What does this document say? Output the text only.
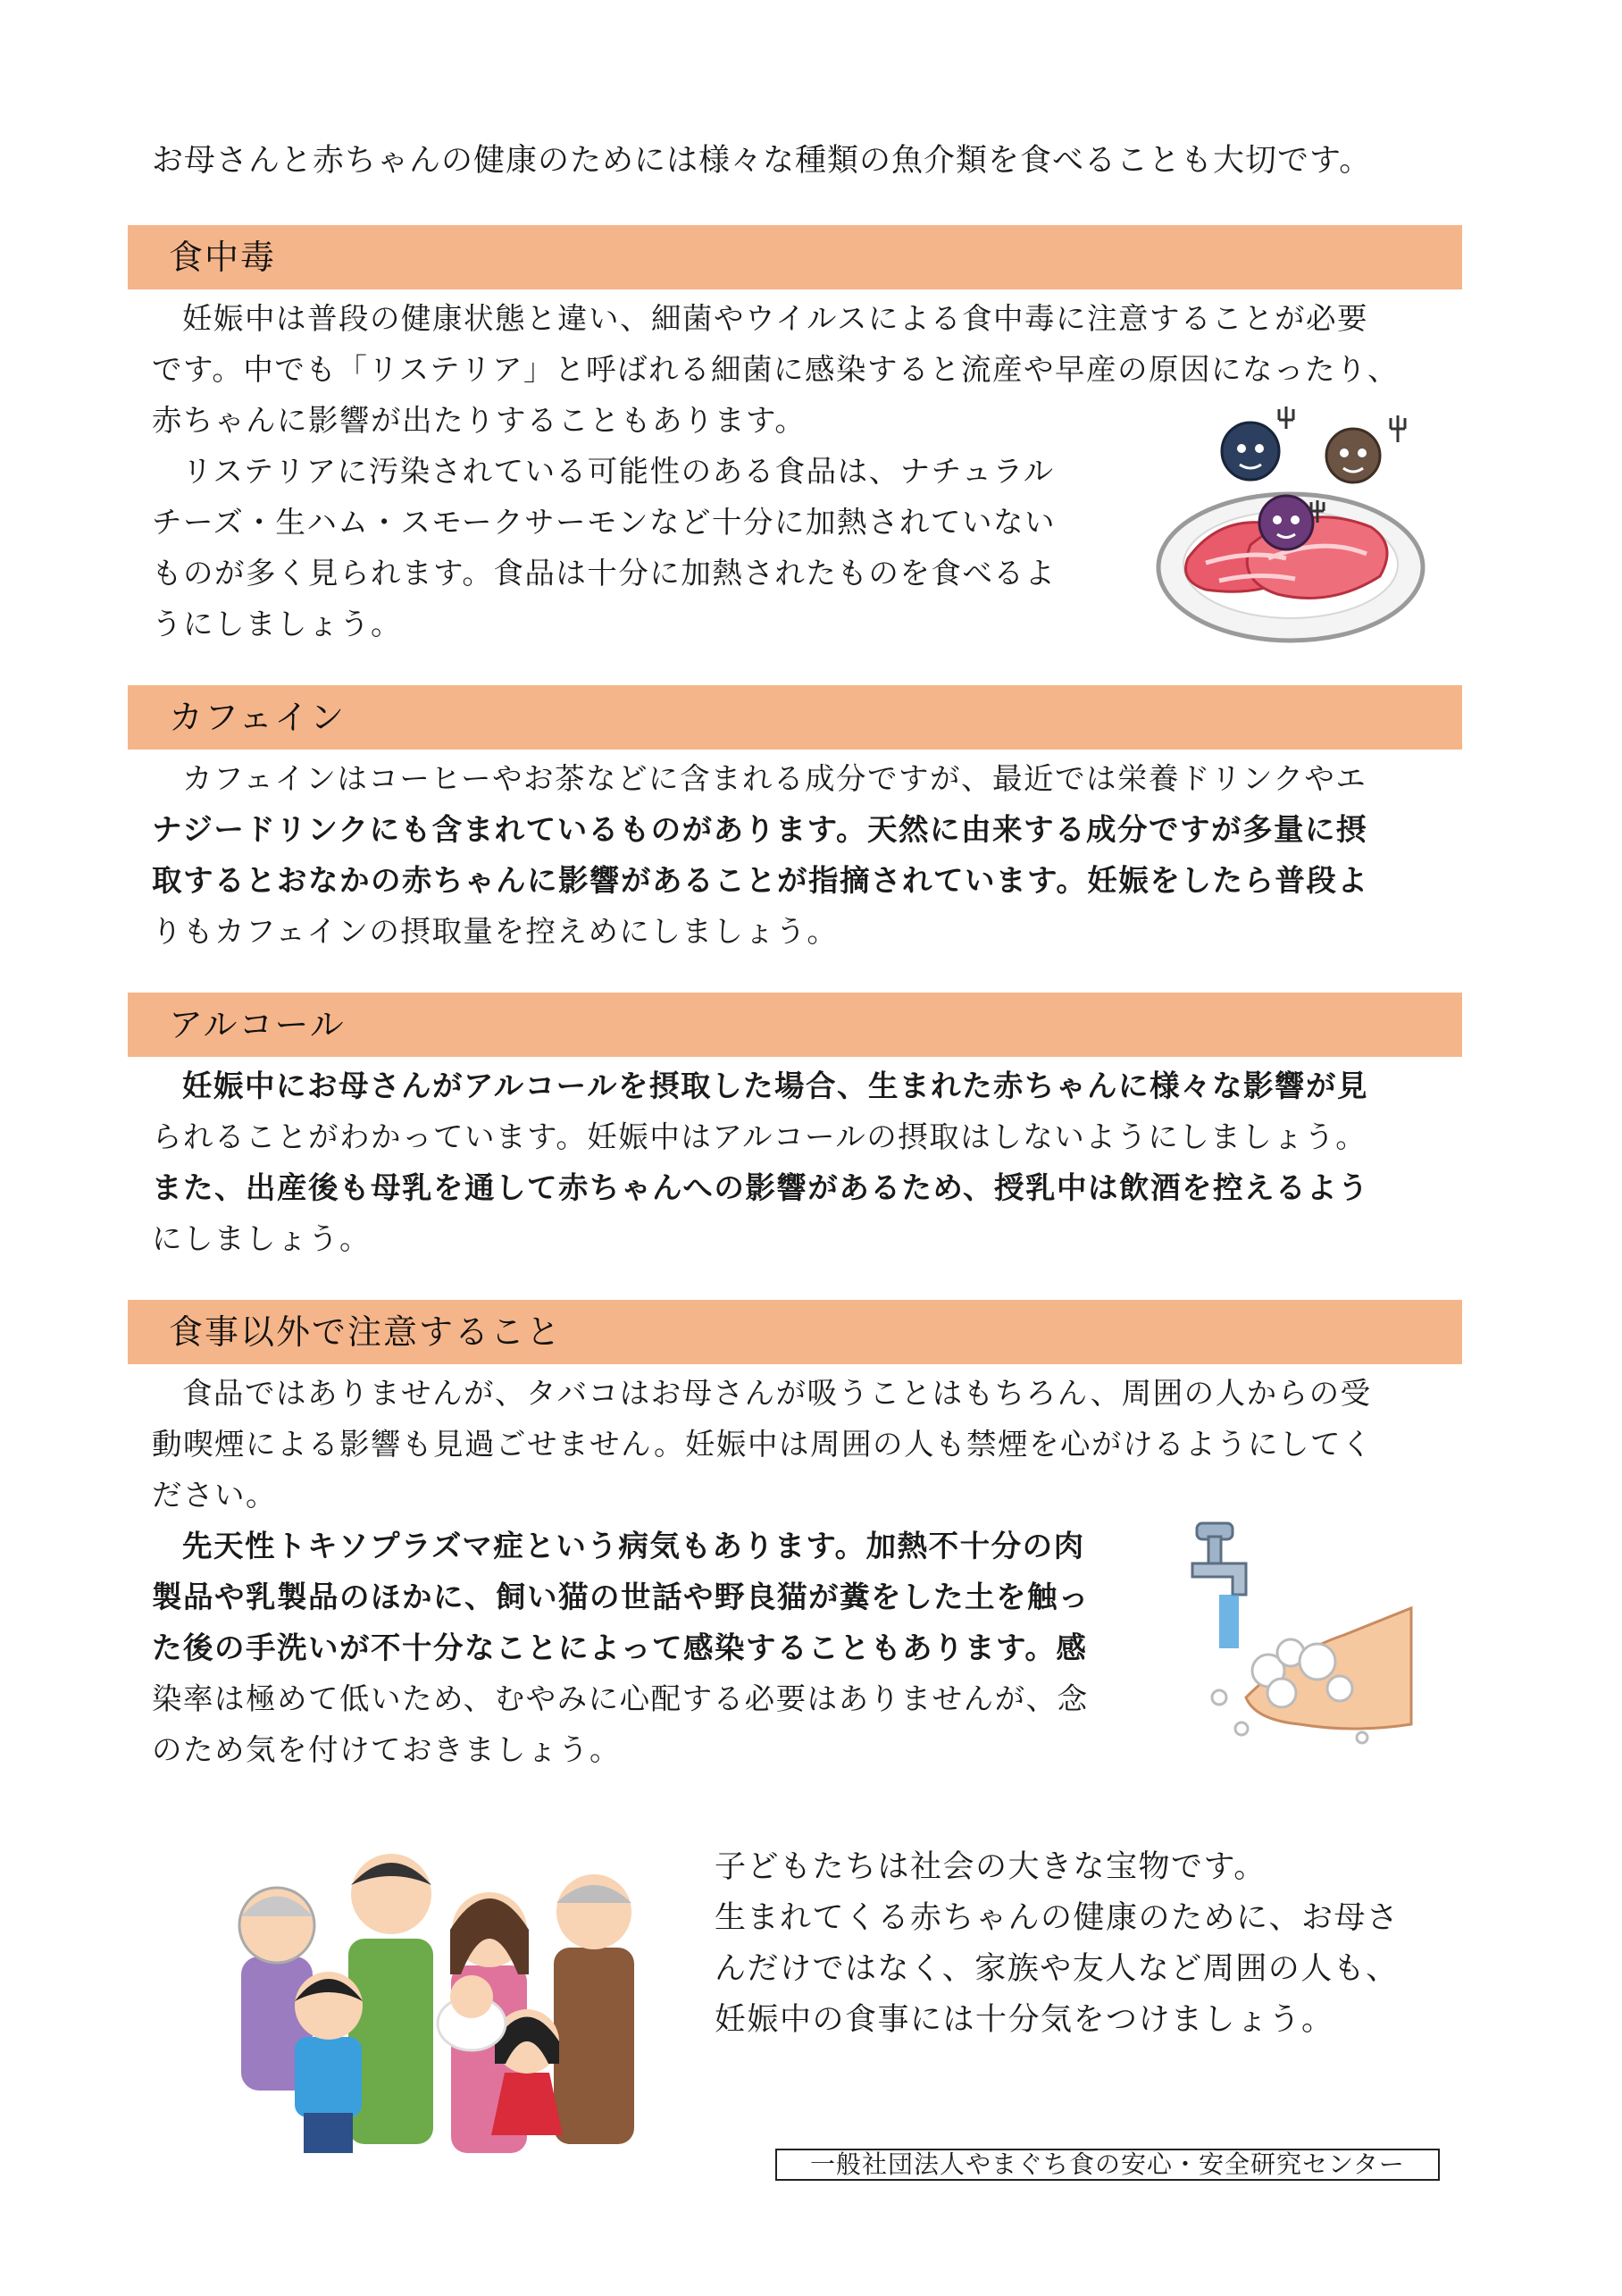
お母さんと赤ちゃんの健康のためには様々な種類の魚介類を食べることも大切です。
食中毒
妊娠中は普段の健康状態と違い、細菌やウイルスによる食中毒に注意することが必要
です。中でも「リステリア」と呼ばれる細菌に感染すると流産や早産の原因になったり、
赤ちゃんに影響が出たりすることもあります。
リステリアに汚染されている可能性のある食品は、ナチュラル
チーズ・生ハム・スモークサーモンなど十分に加熱されていない
ものが多く見られます。食品は十分に加熱されたものを食べるよ
うにしましょう。
カフェイン
カフェインはコーヒーやお茶などに含まれる成分ですが、最近では栄養ドリンクやエ
ナジードリンクにも含まれているものがあります。天然に由来する成分ですが多量に摂
取するとおなかの赤ちゃんに影響があることが指摘されています。妊娠をしたら普段よ
りもカフェインの摂取量を控えめにしましょう。
アルコール
妊娠中にお母さんがアルコールを摂取した場合、生まれた赤ちゃんに様々な影響が見
られることがわかっています。妊娠中はアルコールの摂取はしないようにしましょう。
また、出産後も母乳を通して赤ちゃんへの影響があるため、授乳中は飲酒を控えるよう
にしましょう。
食事以外で注意すること
食品ではありませんが、タバコはお母さんが吸うことはもちろん、周囲の人からの受
動喫煙による影響も見過ごせません。妊娠中は周囲の人も禁煙を心がけるようにしてく
ださい。
先天性トキソプラズマ症という病気もあります。加熱不十分の肉
製品や乳製品のほかに、飼い猫の世話や野良猫が糞をした土を触っ
た後の手洗いが不十分なことによって感染することもあります。感
染率は極めて低いため、むやみに心配する必要はありませんが、念
のため気を付けておきましょう。
子どもたちは社会の大きな宝物です。
生まれてくる赤ちゃんの健康のために、お母さ
んだけではなく、家族や友人など周囲の人も、
妊娠中の食事には十分気をつけましょう。
一般社団法人やまぐち食の安心・安全研究センター
